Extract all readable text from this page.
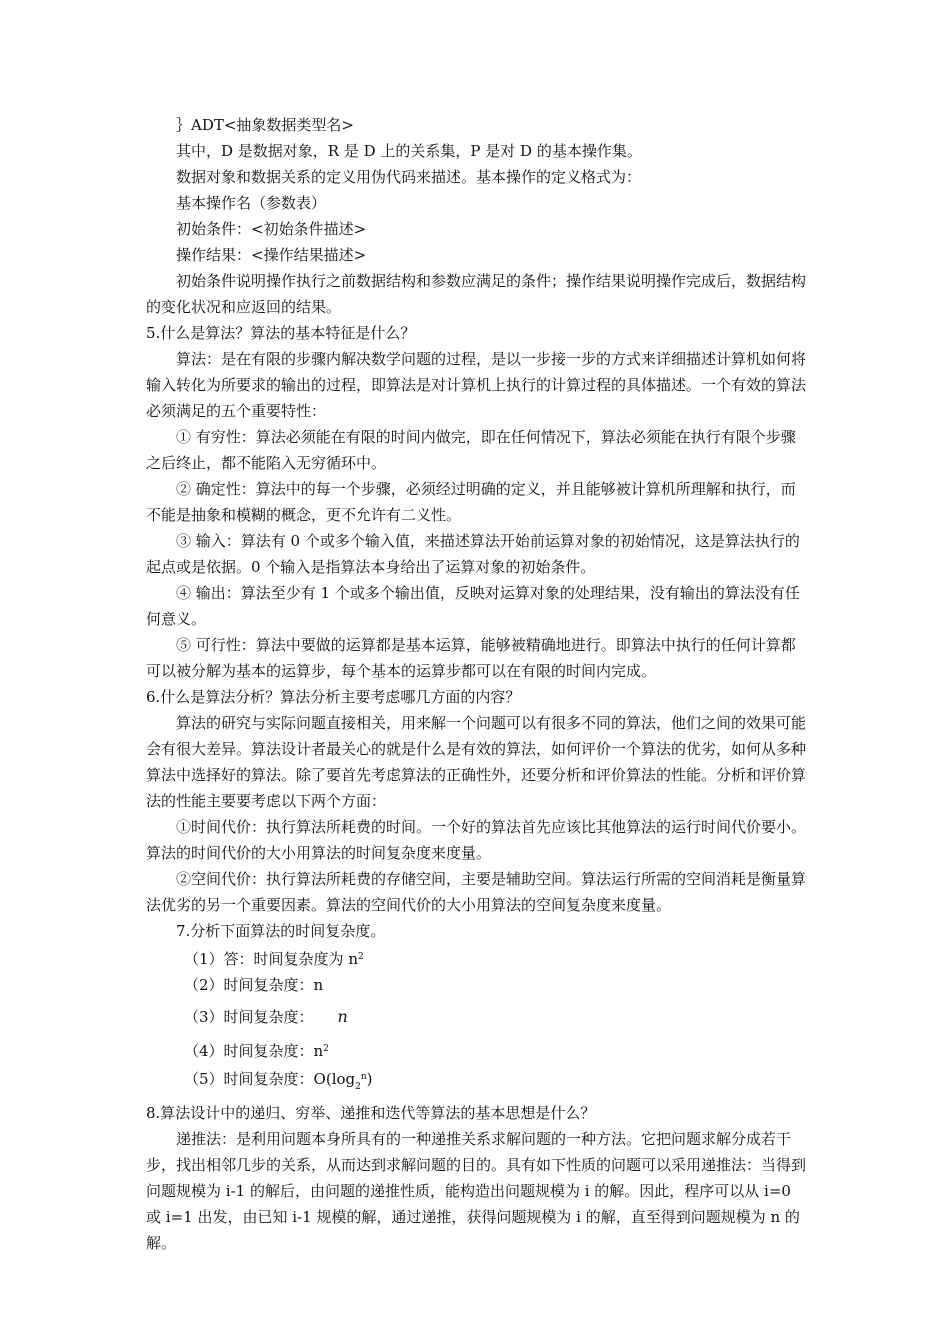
｝ADT<抽象数据类型名>

其中，D 是数据对象，R 是 D 上的关系集，P 是对 D 的基本操作集。

数据对象和数据关系的定义用伪代码来描述。基本操作的定义格式为：

基本操作名（参数表）

初始条件：<初始条件描述>

操作结果：<操作结果描述>

初始条件说明操作执行之前数据结构和参数应满足的条件；操作结果说明操作完成后，数据结构的变化状况和应返回的结果。

5.什么是算法？算法的基本特征是什么？

算法：是在有限的步骤内解决数学问题的过程，是以一步接一步的方式来详细描述计算机如何将输入转化为所要求的输出的过程，即算法是对计算机上执行的计算过程的具体描述。一个有效的算法必须满足的五个重要特性：

① 有穷性：算法必须能在有限的时间内做完，即在任何情况下，算法必须能在执行有限个步骤之后终止，都不能陷入无穷循环中。

② 确定性：算法中的每一个步骤，必须经过明确的定义，并且能够被计算机所理解和执行，而不能是抽象和模糊的概念，更不允许有二义性。

③ 输入：算法有 0 个或多个输入值，来描述算法开始前运算对象的初始情况，这是算法执行的起点或是依据。0 个输入是指算法本身给出了运算对象的初始条件。

④ 输出：算法至少有 1 个或多个输出值，反映对运算对象的处理结果，没有输出的算法没有任何意义。

⑤ 可行性：算法中要做的运算都是基本运算，能够被精确地进行。即算法中执行的任何计算都可以被分解为基本的运算步，每个基本的运算步都可以在有限的时间内完成。

6.什么是算法分析？算法分析主要考虑哪几方面的内容？

算法的研究与实际问题直接相关，用来解一个问题可以有很多不同的算法，他们之间的效果可能会有很大差异。算法设计者最关心的就是什么是有效的算法，如何评价一个算法的优劣，如何从多种算法中选择好的算法。除了要首先考虑算法的正确性外，还要分析和评价算法的性能。分析和评价算法的性能主要要考虑以下两个方面：

①时间代价：执行算法所耗费的时间。一个好的算法首先应该比其他算法的运行时间代价要小。算法的时间代价的大小用算法的时间复杂度来度量。

②空间代价：执行算法所耗费的存储空间，主要是辅助空间。算法运行所需的空间消耗是衡量算法优劣的另一个重要因素。算法的空间代价的大小用算法的空间复杂度来度量。

7.分析下面算法的时间复杂度。

（1）答：时间复杂度为 $n^2$

（2）时间复杂度：n

（3）时间复杂度： n

（4）时间复杂度：$n^2$

（5）时间复杂度：$O(\log_2^n)$

8.算法设计中的递归、穷举、递推和迭代等算法的基本思想是什么？

递推法：是利用问题本身所具有的一种递推关系求解问题的一种方法。它把问题求解分成若干步，找出相邻几步的关系，从而达到求解问题的目的。具有如下性质的问题可以采用递推法：当得到问题规模为 i-1 的解后，由问题的递推性质，能构造出问题规模为 i 的解。因此，程序可以从 i=0 或 i=1 出发，由已知 i-1 规模的解，通过递推，获得问题规模为 i 的解，直至得到问题规模为 n 的解。
